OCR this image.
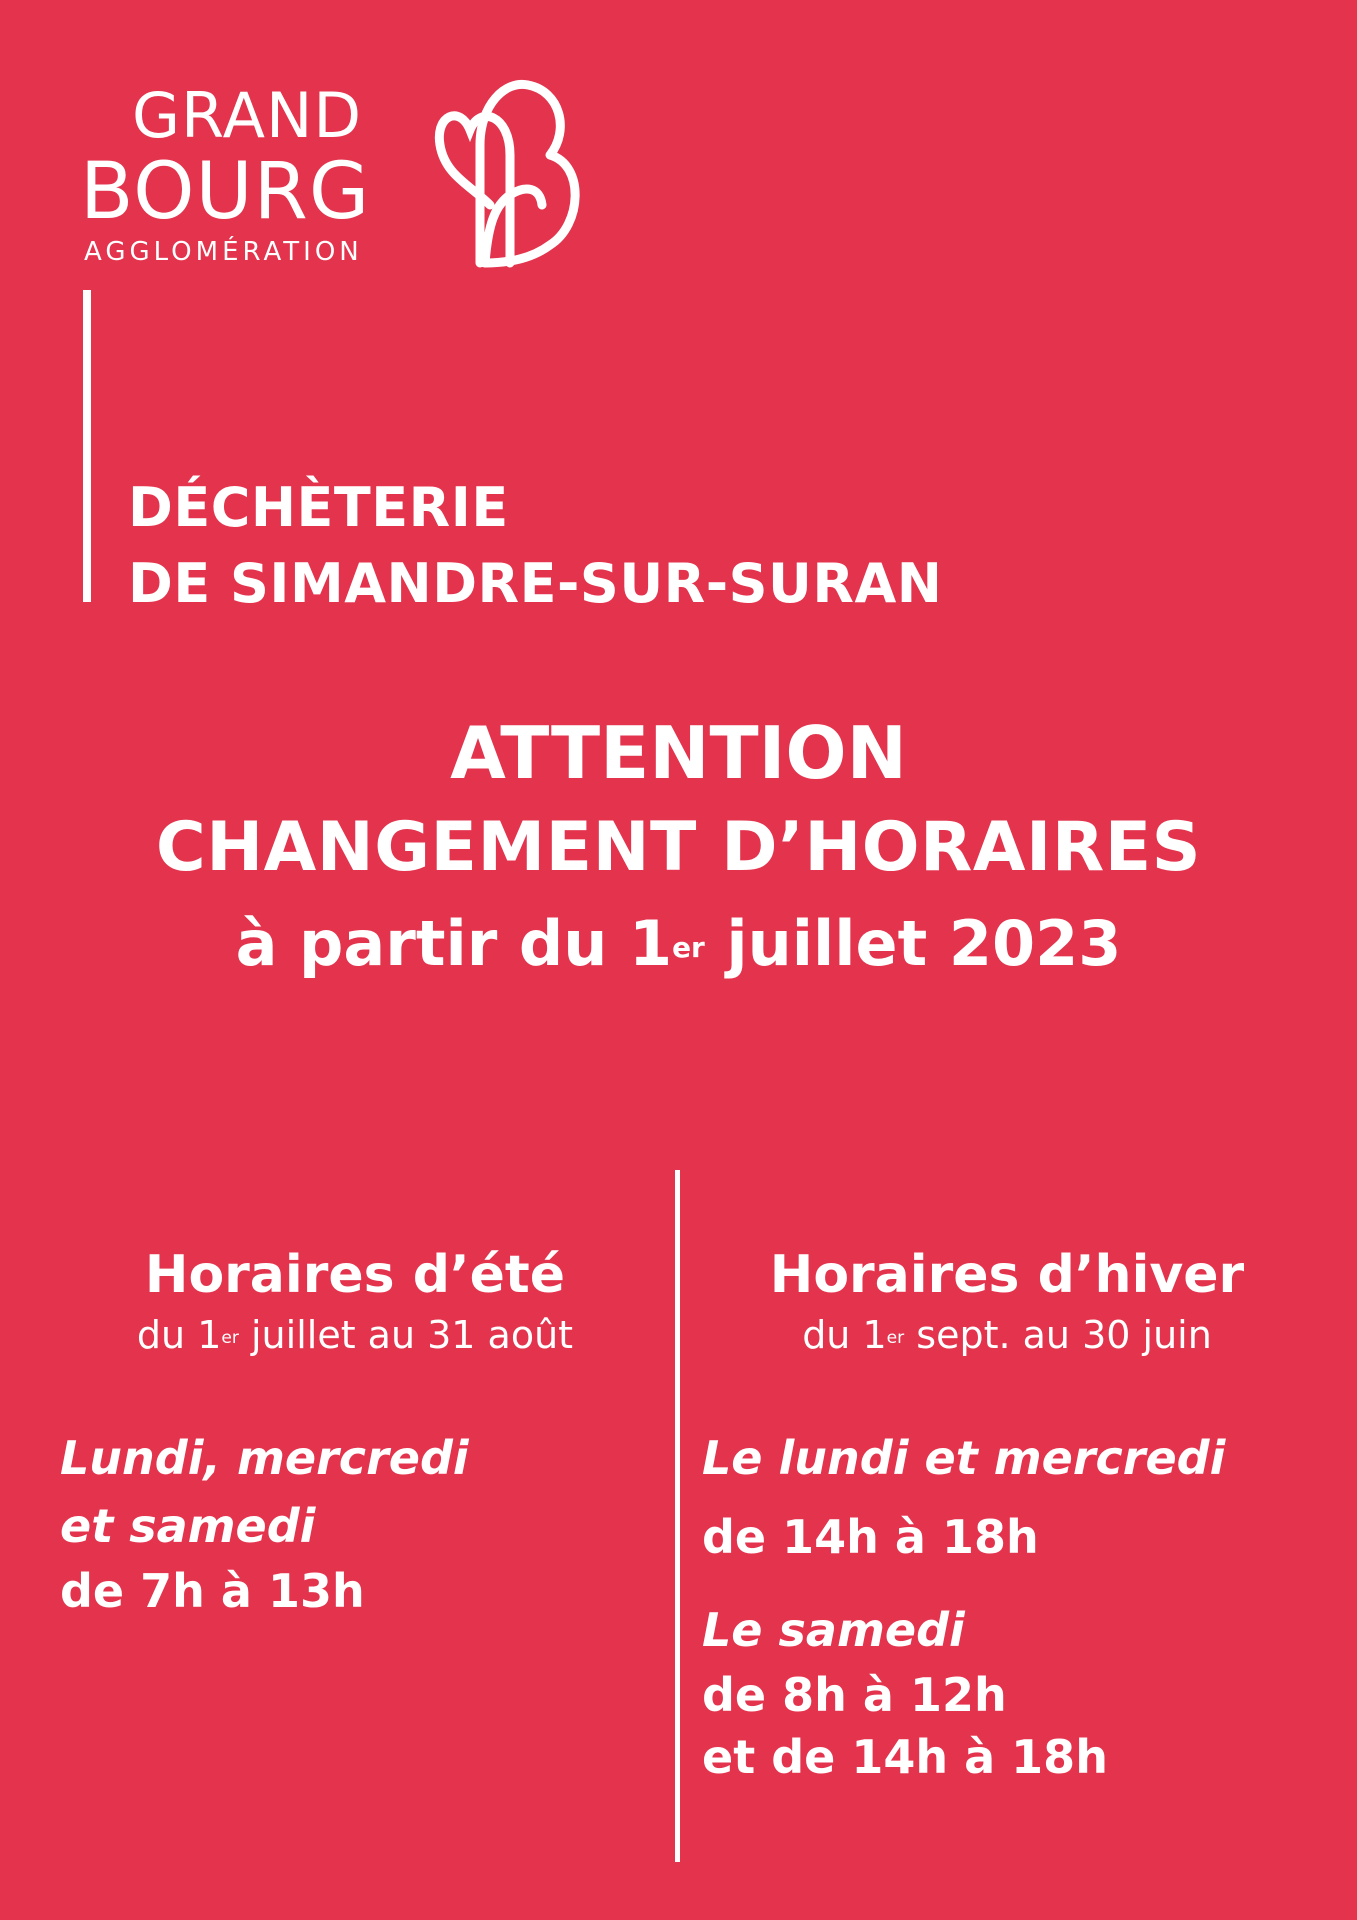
GRAND
BOURG
AGGLOMÉRATION
DÉCHÈTERIE
DE SIMANDRE-SUR-SURAN
ATTENTION
CHANGEMENT D’HORAIRES
à partir du 1er juillet 2023
Horaires d’été
du 1er juillet au 31 août
Lundi, mercredi
et samedi
de 7h à 13h
Horaires d’hiver
du 1er sept. au 30 juin
Le lundi et mercredi
de 14h à 18h
Le samedi
de 8h à 12h
et de 14h à 18h
